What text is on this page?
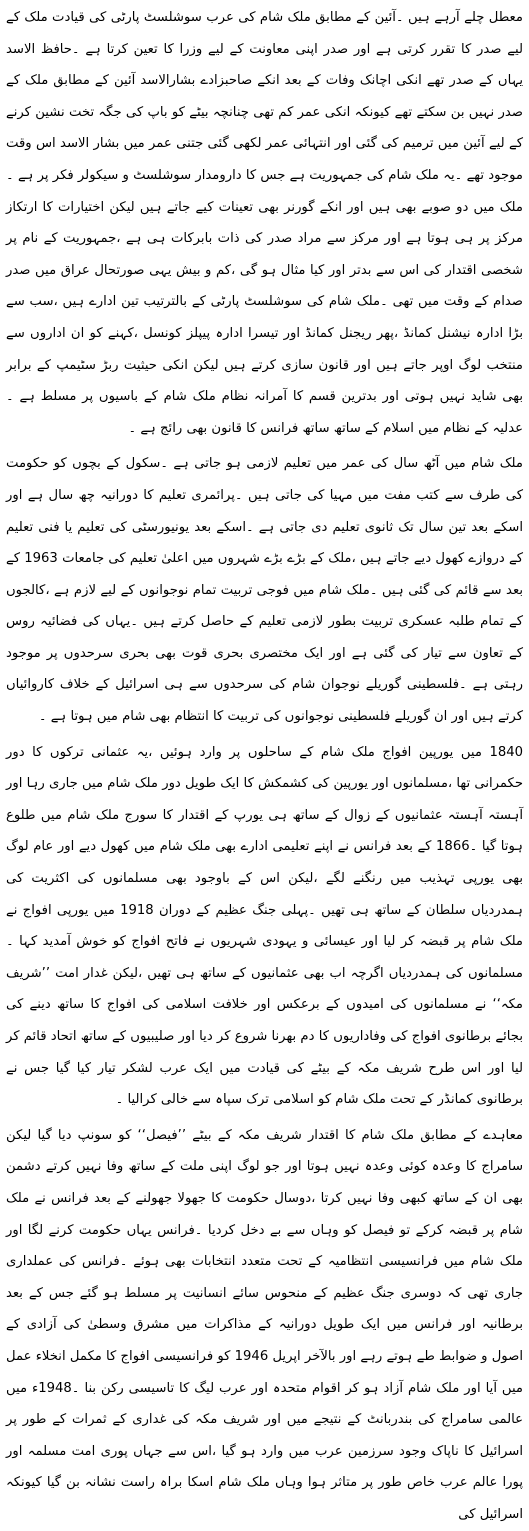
معطل چلے آرہے ہیں ۔آئین کے مطابق ملک شام کی عرب سوشلسٹ پارٹی کی قیادت ملک کے لیے صدر کا تقرر کرتی ہے اور صدر اپنی معاونت کے لیے وزرا کا تعین کرتا ہے ۔حافظ الاسد یہاں کے صدر تھے انکی اچانک وفات کے بعد انکے صاحبزادے بشارالاسد آئین کے مطابق ملک کے صدر نہیں بن سکتے تھے کیونکہ انکی عمر کم تھی چنانچہ بیٹے کو باپ کی جگہ تخت نشین کرنے کے لیے آئین میں ترمیم کی گئی اور انتہائی عمر لکھی گئی جتنی عمر میں بشار الاسد اس وقت موجود تھے ۔یہ ملک شام کی جمہوریت ہے جس کا دارومدار سوشلسٹ و سیکولر فکر پر ہے ۔ملک میں دو صوبے بھی ہیں اور انکے گورنر بھی تعینات کیے جاتے ہیں لیکن اختیارات کا ارتکاز مرکز پر ہی ہوتا ہے اور مرکز سے مراد صدر کی ذات بابرکات ہی ہے ،جمہوریت کے نام پر شخصی اقتدار کی اس سے بدتر اور کیا مثال ہو گی ،کم و بیش یہی صورتحال عراق میں صدر صدام کے وقت میں تھی ۔ملک شام کی سوشلسٹ پارٹی کے بالترتیب تین ادارے ہیں ،سب سے بڑا ادارہ نیشنل کمانڈ ،پھر ریجنل کمانڈ اور تیسرا ادارہ پیپلز کونسل ،کہنے کو ان اداروں سے منتخب لوگ اوپر جاتے ہیں اور قانون سازی کرتے ہیں لیکن انکی حیثیت ربڑ سٹیمپ کے برابر بھی شاید نہیں ہوتی اور بدترین قسم کا آمرانہ نظام ملک شام کے باسیوں پر مسلط ہے ۔عدلیہ کے نظام میں اسلام کے ساتھ ساتھ فرانس کا قانون بھی رائج ہے ۔

ملک شام میں آٹھ سال کی عمر میں تعلیم لازمی ہو جاتی ہے ۔سکول کے بچوں کو حکومت کی طرف سے کتب مفت میں مہیا کی جاتی ہیں ۔پرائمری تعلیم کا دورانیہ چھ سال ہے اور اسکے بعد تین سال تک ثانوی تعلیم دی جاتی ہے ۔اسکے بعد یونیورسٹی کی تعلیم یا فنی تعلیم کے دروازے کھول دیے جاتے ہیں ،ملک کے بڑے بڑے شہروں میں اعلیٰ تعلیم کی جامعات 1963 کے بعد سے قائم کی گئی ہیں ۔ملک شام میں فوجی تربیت تمام نوجوانوں کے لیے لازم ہے ،کالجوں کے تمام طلبہ عسکری تربیت بطور لازمی تعلیم کے حاصل کرتے ہیں ۔یہاں کی فضائیہ روس کے تعاون سے تیار کی گئی ہے اور ایک مختصری بحری قوت بھی بحری سرحدوں پر موجود رہتی ہے ۔فلسطینی گوریلے نوجوان شام کی سرحدوں سے ہی اسرائیل کے خلاف کاروائیاں کرتے ہیں اور ان گوریلے فلسطینی نوجوانوں کی تربیت کا انتظام بھی شام میں ہوتا ہے ۔

1840 میں یورپین افواج ملک شام کے ساحلوں پر وارد ہوئیں ،یہ عثمانی ترکوں کا دور حکمرانی تھا ،مسلمانوں اور یورپین کی کشمکش کا ایک طویل دور ملک شام میں جاری رہا اور آہستہ آہستہ عثمانیوں کے زوال کے ساتھ ہی یورپ کے اقتدار کا سورج ملک شام میں طلوع ہوتا گیا ۔1866 کے بعد فرانس نے اپنے تعلیمی ادارے بھی ملک شام میں کھول دیے اور عام لوگ بھی یورپی تہذیب میں رنگنے لگے ،لیکن اس کے باوجود بھی مسلمانوں کی اکثریت کی ہمدردیاں سلطان کے ساتھ ہی تھیں ۔پہلی جنگ عظیم کے دوران 1918 میں یورپی افواج نے ملک شام پر قبضہ کر لیا اور عیسائی و یہودی شہریوں نے فاتح افواج کو خوش آمدید کہا ۔مسلمانوں کی ہمدردیاں اگرچہ اب بھی عثمانیوں کے ساتھ ہی تھیں ،لیکن غدار امت ’’شریف مکہ‘‘ نے مسلمانوں کی امیدوں کے برعکس اور خلافت اسلامی کی افواج کا ساتھ دینے کی بجائے برطانوی افواج کی وفاداریوں کا دم بھرنا شروع کر دیا اور صلیبیوں کے ساتھ اتحاد قائم کر لیا اور اس طرح شریف مکہ کے بیٹے کی قیادت میں ایک عرب لشکر تیار کیا گیا جس نے برطانوی کمانڈر کے تحت ملک شام کو اسلامی ترک سپاہ سے خالی کرالیا ۔

معاہدے کے مطابق ملک شام کا اقتدار شریف مکہ کے بیٹے ’’فیصل‘‘ کو سونپ دیا گیا لیکن سامراج کا وعدہ کوئی وعدہ نہیں ہوتا اور جو لوگ اپنی ملت کے ساتھ وفا نہیں کرتے دشمن بھی ان کے ساتھ کبھی وفا نہیں کرتا ،دوسال حکومت کا جھولا جھولنے کے بعد فرانس نے ملک شام پر قبضہ کرکے تو فیصل کو وہاں سے بے دخل کردیا ۔فرانس یہاں حکومت کرنے لگا اور ملک شام میں فرانسیسی انتظامیہ کے تحت متعدد انتخابات بھی ہوئے ۔فرانس کی عملداری جاری تھی کہ دوسری جنگ عظیم کے منحوس سائے انسانیت پر مسلط ہو گئے جس کے بعد برطانیہ اور فرانس میں ایک طویل دورانیہ کے مذاکرات میں مشرق وسطیٰ کی آزادی کے اصول و ضوابط طے ہوتے رہے اور بالآخر اپریل 1946 کو فرانسیسی افواج کا مکمل انخلاء عمل میں آیا اور ملک شام آزاد ہو کر اقوام متحدہ اور عرب لیگ کا تاسیسی رکن بنا ۔1948ء میں عالمی سامراج کی بندربانٹ کے نتیجے میں اور شریف مکہ کی غداری کے ثمرات کے طور پر اسرائیل کا ناپاک وجود سرزمین عرب میں وارد ہو گیا ،اس سے جہاں پوری امت مسلمہ اور پورا عالم عرب خاص طور پر متاثر ہوا وہاں ملک شام اسکا براہ راست نشانہ بن گیا کیونکہ اسرائیل کی
